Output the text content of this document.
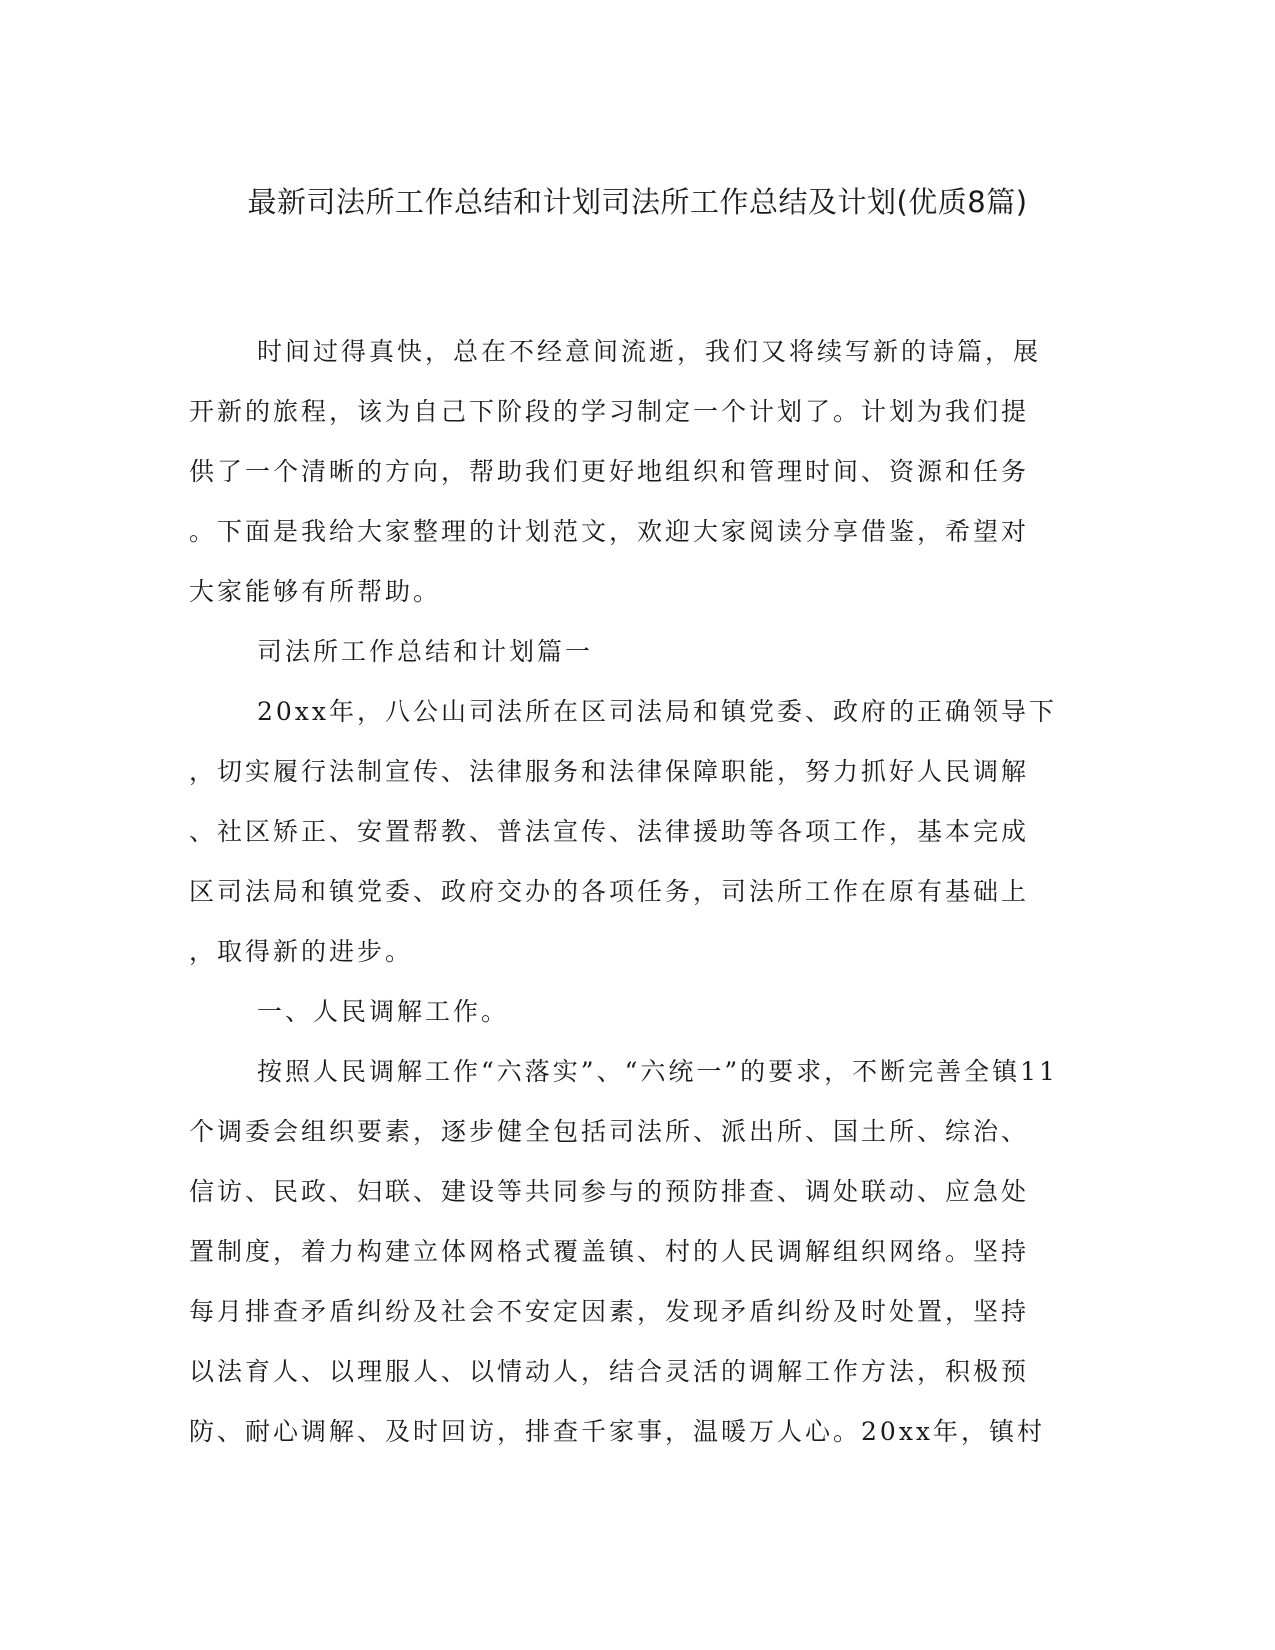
最新司法所工作总结和计划司法所工作总结及计划(优质8篇)
时间过得真快，总在不经意间流逝，我们又将续写新的诗篇，展
开新的旅程，该为自己下阶段的学习制定一个计划了。计划为我们提
供了一个清晰的方向，帮助我们更好地组织和管理时间、资源和任务
。下面是我给大家整理的计划范文，欢迎大家阅读分享借鉴，希望对
大家能够有所帮助。
司法所工作总结和计划篇一
20xx年，八公山司法所在区司法局和镇党委、政府的正确领导下
，切实履行法制宣传、法律服务和法律保障职能，努力抓好人民调解
、社区矫正、安置帮教、普法宣传、法律援助等各项工作，基本完成
区司法局和镇党委、政府交办的各项任务，司法所工作在原有基础上
，取得新的进步。
一、人民调解工作。
按照人民调解工作“六落实”、“六统一”的要求，不断完善全镇11
个调委会组织要素，逐步健全包括司法所、派出所、国土所、综治、
信访、民政、妇联、建设等共同参与的预防排查、调处联动、应急处
置制度，着力构建立体网格式覆盖镇、村的人民调解组织网络。坚持
每月排查矛盾纠纷及社会不安定因素，发现矛盾纠纷及时处置，坚持
以法育人、以理服人、以情动人，结合灵活的调解工作方法，积极预
防、耐心调解、及时回访，排查千家事，温暖万人心。20xx年，镇村
